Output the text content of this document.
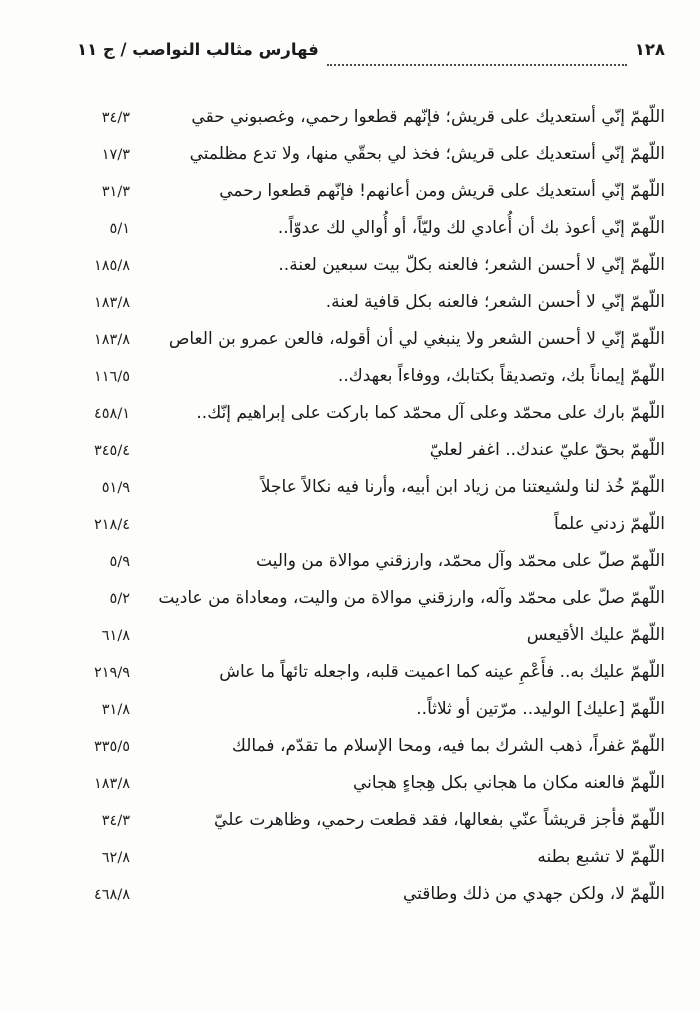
١٢٨
فهارس مثالب النواصب / ج ١١
اللّهمّ إنّي أستعديك على قريش؛ فإنّهم قطعوا رحمي، وغصبوني حقي
٣٤/٣
اللّهمّ إنّي أستعديك على قريش؛ فخذ لي بحقّي منها، ولا تدع مظلمتي
١٧/٣
اللّهمّ إنّي أستعديك على قريش ومن أعانهم! فإنّهم قطعوا رحمي
٣١/٣
اللّهمّ إنّي أعوذ بك أن أُعادي لك وليّاً، أو أُوالي لك عدوّاً..
٥/١
اللّهمّ إنّي لا أحسن الشعر؛ فالعنه بكلّ بيت سبعين لعنة..
١٨٥/٨
اللّهمّ إنّي لا أحسن الشعر؛ فالعنه بكل قافية لعنة.
١٨٣/٨
اللّهمّ إنّي لا أحسن الشعر ولا ينبغي لي أن أقوله، فالعن عمرو بن العاص
١٨٣/٨
اللّهمّ إيماناً بك، وتصديقاً بكتابك، ووفاءاً بعهدك..
١١٦/٥
اللّهمّ بارك على محمّد وعلى آل محمّد كما باركت على إبراهيم إنّك..
٤٥٨/١
اللّهمّ بحقّ عليّ عندك.. اغفر لعليّ
٣٤٥/٤
اللّهمّ خُذ لنا ولشيعتنا من زياد ابن أبيه، وأرنا فيه نكالاً عاجلاً
٥١/٩
اللّهمّ زدني علماً
٢١٨/٤
اللّهمّ صلّ على محمّد وآل محمّد، وارزقني موالاة من واليت
٥/٩
اللّهمّ صلّ على محمّد وآله، وارزقني موالاة من واليت، ومعاداة من عاديت
٥/٢
اللّهمّ عليك الأقيعس
٦١/٨
اللّهمّ عليك به.. فأَعْمِ عينه كما اعميت قلبه، واجعله تائهاً ما عاش
٢١٩/٩
اللّهمّ [عليك] الوليد.. مرّتين أو ثلاثاً..
٣١/٨
اللّهمّ غفراً، ذهب الشرك بما فيه، ومحا الإسلام ما تقدّم، فمالك
٣٣٥/٥
اللّهمّ فالعنه مكان ما هجاني بكل هِجاءٍ هجاني
١٨٣/٨
اللّهمّ فأجز قريشاً عنّي بفعالها، فقد قطعت رحمي، وظاهرت عليّ
٣٤/٣
اللّهمّ لا تشبع بطنه
٦٢/٨
اللّهمّ لا، ولكن جهدي من ذلك وطاقتي
٤٦٨/٨
